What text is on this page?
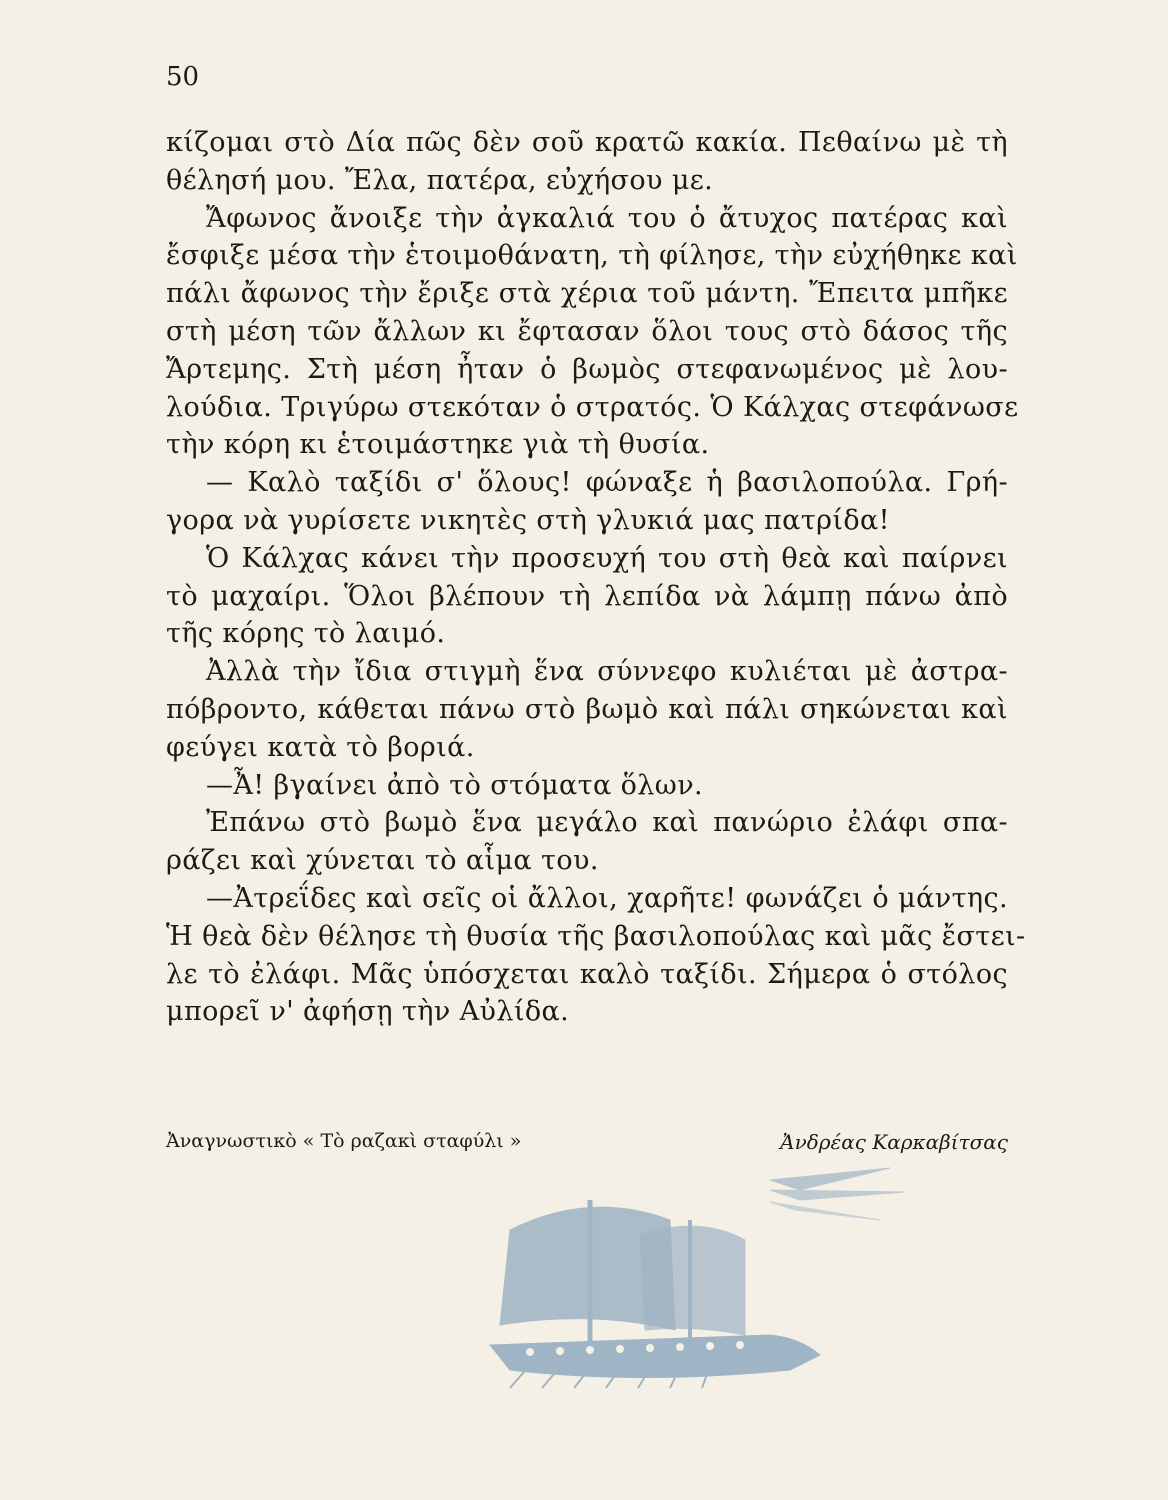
50
κίζομαι στὸ Δία πῶς δὲν σοῦ κρατῶ κακία. Πεθαίνω μὲ τὴ
θέλησή μου. Ἔλα, πατέρα, εὐχήσου με.
Ἄφωνος ἄνοιξε τὴν ἀγκαλιά του ὁ ἄτυχος πατέρας καὶ
ἔσφιξε μέσα τὴν ἑτοιμοθάνατη, τὴ φίλησε, τὴν εὐχήθηκε καὶ
πάλι ἄφωνος τὴν ἔριξε στὰ χέρια τοῦ μάντη. Ἔπειτα μπῆκε
στὴ μέση τῶν ἄλλων κι ἔφτασαν ὅλοι τους στὸ δάσος τῆς
Ἄρτεμης. Στὴ μέση ἦταν ὁ βωμὸς στεφανωμένος μὲ λου-
λούδια. Τριγύρω στεκόταν ὁ στρατός. Ὁ Κάλχας στεφάνωσε
τὴν κόρη κι ἑτοιμάστηκε γιὰ τὴ θυσία.
— Καλὸ ταξίδι σ' ὅλους! φώναξε ἡ βασιλοπούλα. Γρή-
γορα νὰ γυρίσετε νικητὲς στὴ γλυκιά μας πατρίδα!
Ὁ Κάλχας κάνει τὴν προσευχή του στὴ θεὰ καὶ παίρνει
τὸ μαχαίρι. Ὅλοι βλέπουν τὴ λεπίδα νὰ λάμπῃ πάνω ἀπὸ
τῆς κόρης τὸ λαιμό.
Ἀλλὰ τὴν ἴδια στιγμὴ ἕνα σύννεφο κυλιέται μὲ ἀστρα-
πόβροντο, κάθεται πάνω στὸ βωμὸ καὶ πάλι σηκώνεται καὶ
φεύγει κατὰ τὸ βοριά.
—Ἆ! βγαίνει ἀπὸ τὸ στόματα ὅλων.
Ἐπάνω στὸ βωμὸ ἕνα μεγάλο καὶ πανώριο ἐλάφι σπα-
ράζει καὶ χύνεται τὸ αἷμα του.
—Ἀτρεΐδες καὶ σεῖς οἱ ἄλλοι, χαρῆτε! φωνάζει ὁ μάντης.
Ἡ θεὰ δὲν θέλησε τὴ θυσία τῆς βασιλοπούλας καὶ μᾶς ἔστει-
λε τὸ ἐλάφι. Μᾶς ὑπόσχεται καλὸ ταξίδι. Σήμερα ὁ στόλος
μπορεῖ ν' ἀφήσῃ τὴν Αὐλίδα.
Ἀναγνωστικὸ « Τὸ ραζακὶ σταφύλι »	Ἀνδρέας Καρκαβίτσας
